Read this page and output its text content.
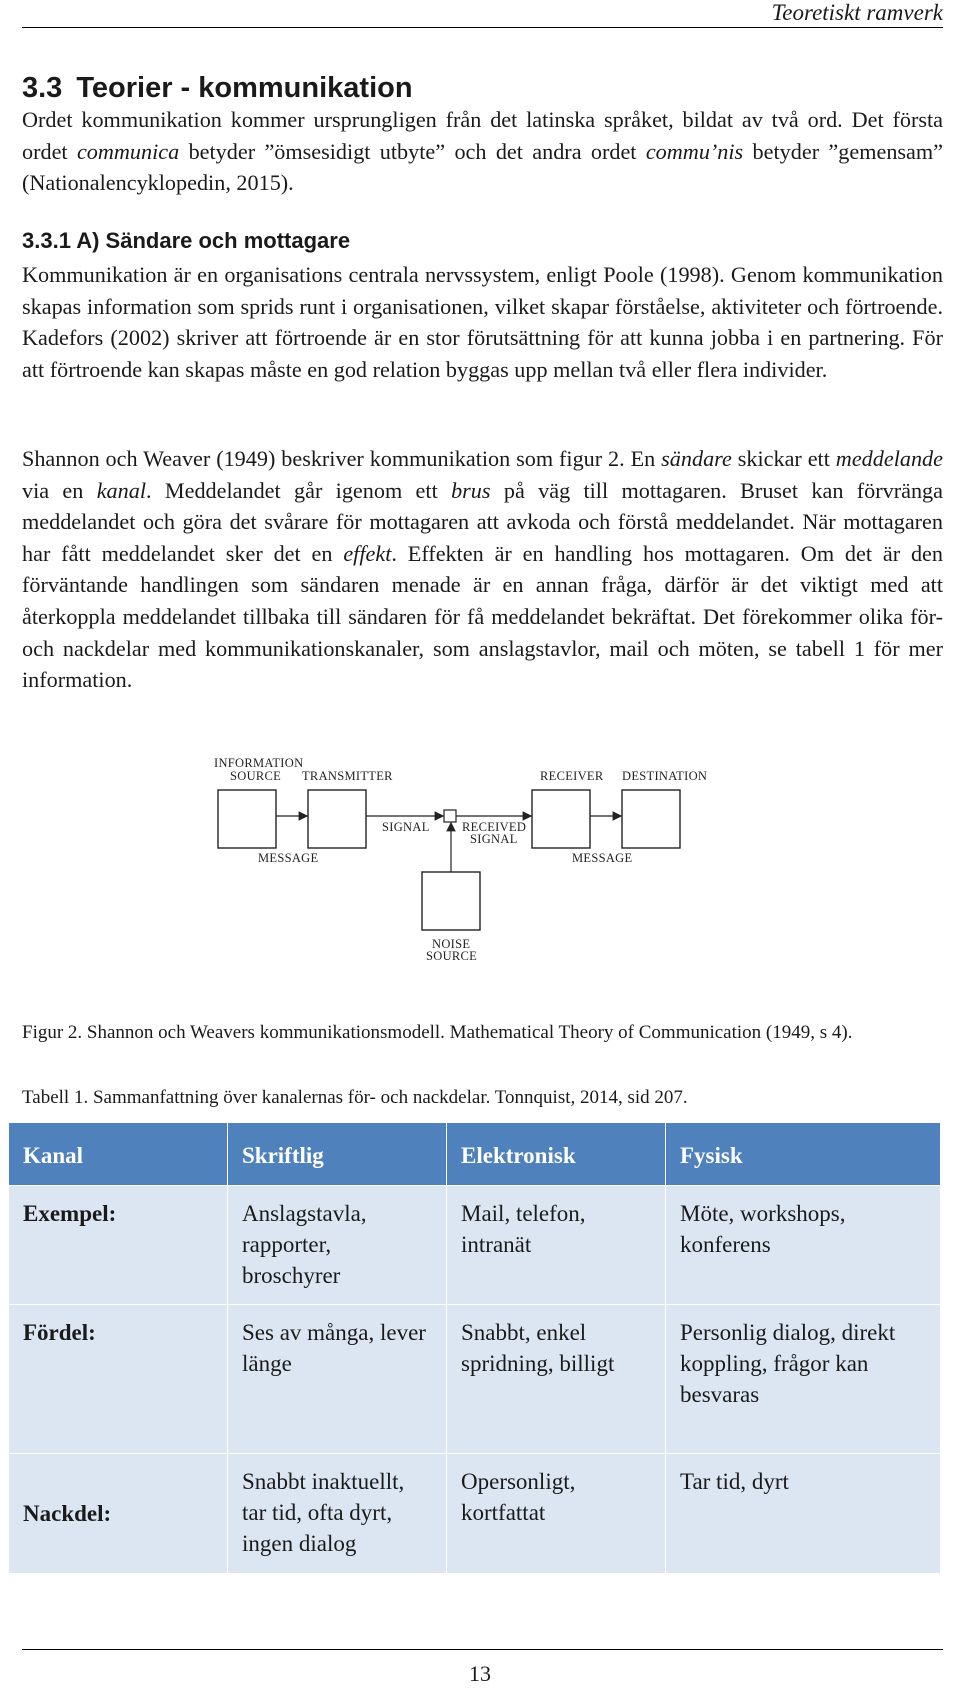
Teoretiskt ramverk
3.3 Teorier - kommunikation

Ordet kommunikation kommer ursprungligen från det latinska språket, bildat av två ord. Det första ordet communica betyder ”ömsesidigt utbyte” och det andra ordet commu’nis betyder ”gemensam” (Nationalencyklopedin, 2015).

3.3.1 A) Sändare och mottagare

Kommunikation är en organisations centrala nervssystem, enligt Poole (1998). Genom kommunikation skapas information som sprids runt i organisationen, vilket skapar förståelse, aktiviteter och förtroende. Kadefors (2002) skriver att förtroende är en stor förutsättning för att kunna jobba i en partnering. För att förtroende kan skapas måste en god relation byggas upp mellan två eller flera individer.

Shannon och Weaver (1949) beskriver kommunikation som figur 2. En sändare skickar ett meddelande via en kanal. Meddelandet går igenom ett brus på väg till mottagaren. Bruset kan förvränga meddelandet och göra det svårare för mottagaren att avkoda och förstå meddelandet. När mottagaren har fått meddelandet sker det en effekt. Effekten är en handling hos mottagaren. Om det är den förväntande handlingen som sändaren menade är en annan fråga, därför är det viktigt med att återkoppla meddelandet tillbaka till sändaren för få meddelandet bekräftat. Det förekommer olika för- och nackdelar med kommunikationskanaler, som anslagstavlor, mail och möten, se tabell 1 för mer information.

INFORMATION
SOURCE TRANSMITTER	RECEIVER DESTINATION
SIGNAL	RECEIVED
SIGNAL
MESSAGE	MESSAGE
NOISE
SOURCE

Figur 2. Shannon och Weavers kommunikationsmodell. Mathematical Theory of Communication (1949, s 4).

Tabell 1. Sammanfattning över kanalernas för- och nackdelar. Tonnquist, 2014, sid 207.

Kanal	Skriftlig	Elektronisk	Fysisk
Exempel:	Anslagstavla, rapporter, broschyrer	Mail, telefon, intranät	Möte, workshops, konferens
Fördel:	Ses av många, lever länge	Snabbt, enkel spridning, billigt	Personlig dialog, direkt koppling, frågor kan besvaras
Nackdel:	Snabbt inaktuellt, tar tid, ofta dyrt, ingen dialog	Opersonligt, kortfattat	Tar tid, dyrt
13
